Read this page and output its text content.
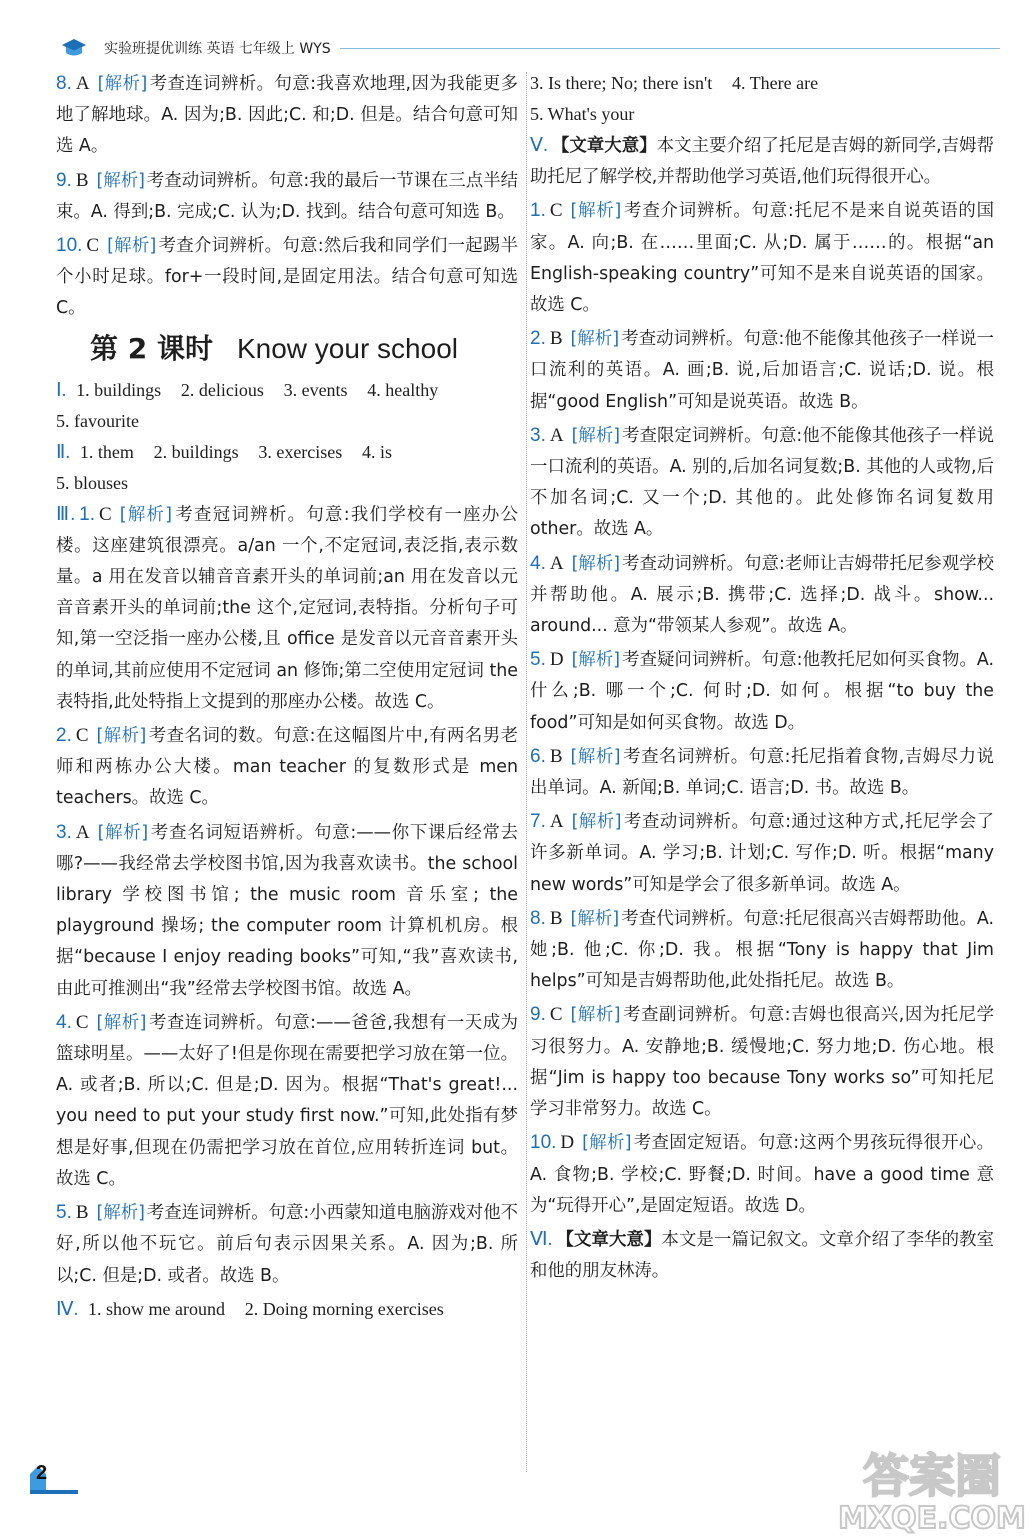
实验班提优训练 英语 七年级上 WYS

8. A [解析] 考查连词辨析。句意:我喜欢地理,因为我能更多地了解地球。A. 因为;B. 因此;C. 和;D. 但是。结合句意可知选 A。

9. B [解析] 考查动词辨析。句意:我的最后一节课在三点半结束。A. 得到;B. 完成;C. 认为;D. 找到。结合句意可知选 B。

10. C [解析] 考查介词辨析。句意:然后我和同学们一起踢半个小时足球。for+一段时间,是固定用法。结合句意可知选 C。

第 2 课时 Know your school
Ⅰ. 1. buildings 2. delicious 3. events 4. healthy
5. favourite
Ⅱ. 1. them 2. buildings 3. exercises 4. is
5. blouses

Ⅲ. 1. C [解析] 考查冠词辨析。句意:我们学校有一座办公楼。这座建筑很漂亮。a/an 一个,不定冠词,表泛指,表示数量。a 用在发音以辅音音素开头的单词前;an 用在发音以元音音素开头的单词前;the 这个,定冠词,表特指。分析句子可知,第一空泛指一座办公楼,且 office 是发音以元音音素开头的单词,其前应使用不定冠词 an 修饰;第二空使用定冠词 the 表特指,此处特指上文提到的那座办公楼。故选 C。

2. C [解析] 考查名词的数。句意:在这幅图片中,有两名男老师和两栋办公大楼。man teacher 的复数形式是 men teachers。故选 C。

3. A [解析] 考查名词短语辨析。句意:——你下课后经常去哪?——我经常去学校图书馆,因为我喜欢读书。the school library 学校图书馆; the music room 音乐室; the playground 操场; the computer room 计算机机房。根据“because I enjoy reading books”可知,“我”喜欢读书,由此可推测出“我”经常去学校图书馆。故选 A。

4. C [解析] 考查连词辨析。句意:——爸爸,我想有一天成为篮球明星。——太好了!但是你现在需要把学习放在第一位。A. 或者;B. 所以;C. 但是;D. 因为。根据“That's great!... you need to put your study first now.”可知,此处指有梦想是好事,但现在仍需把学习放在首位,应用转折连词 but。故选 C。

5. B [解析] 考查连词辨析。句意:小西蒙知道电脑游戏对他不好,所以他不玩它。前后句表示因果关系。A. 因为;B. 所以;C. 但是;D. 或者。故选 B。

Ⅳ. 1. show me around 2. Doing morning exercises
3. Is there; No; there isn't 4. There are
5. What's your

Ⅴ. 【文章大意】本文主要介绍了托尼是吉姆的新同学,吉姆帮助托尼了解学校,并帮助他学习英语,他们玩得很开心。

1. C [解析] 考查介词辨析。句意:托尼不是来自说英语的国家。A. 向;B. 在……里面;C. 从;D. 属于……的。根据“an English-speaking country”可知不是来自说英语的国家。故选 C。

2. B [解析] 考查动词辨析。句意:他不能像其他孩子一样说一口流利的英语。A. 画;B. 说,后加语言;C. 说话;D. 说。根据“good English”可知是说英语。故选 B。

3. A [解析] 考查限定词辨析。句意:他不能像其他孩子一样说一口流利的英语。A. 别的,后加名词复数;B. 其他的人或物,后不加名词;C. 又一个;D. 其他的。此处修饰名词复数用 other。故选 A。

4. A [解析] 考查动词辨析。句意:老师让吉姆带托尼参观学校并帮助他。A. 展示;B. 携带;C. 选择;D. 战斗。show... around... 意为“带领某人参观”。故选 A。

5. D [解析] 考查疑问词辨析。句意:他教托尼如何买食物。A. 什么;B. 哪一个;C. 何时;D. 如何。根据“to buy the food”可知是如何买食物。故选 D。

6. B [解析] 考查名词辨析。句意:托尼指着食物,吉姆尽力说出单词。A. 新闻;B. 单词;C. 语言;D. 书。故选 B。

7. A [解析] 考查动词辨析。句意:通过这种方式,托尼学会了许多新单词。A. 学习;B. 计划;C. 写作;D. 听。根据“many new words”可知是学会了很多新单词。故选 A。

8. B [解析] 考查代词辨析。句意:托尼很高兴吉姆帮助他。A. 她;B. 他;C. 你;D. 我。根据“Tony is happy that Jim helps”可知是吉姆帮助他,此处指托尼。故选 B。

9. C [解析] 考查副词辨析。句意:吉姆也很高兴,因为托尼学习很努力。A. 安静地;B. 缓慢地;C. 努力地;D. 伤心地。根据“Jim is happy too because Tony works so”可知托尼学习非常努力。故选 C。

10. D [解析] 考查固定短语。句意:这两个男孩玩得很开心。A. 食物;B. 学校;C. 野餐;D. 时间。have a good time 意为“玩得开心”,是固定短语。故选 D。

Ⅵ. 【文章大意】本文是一篇记叙文。文章介绍了李华的教室和他的朋友林涛。

2	答案圈
MXQE.COM
